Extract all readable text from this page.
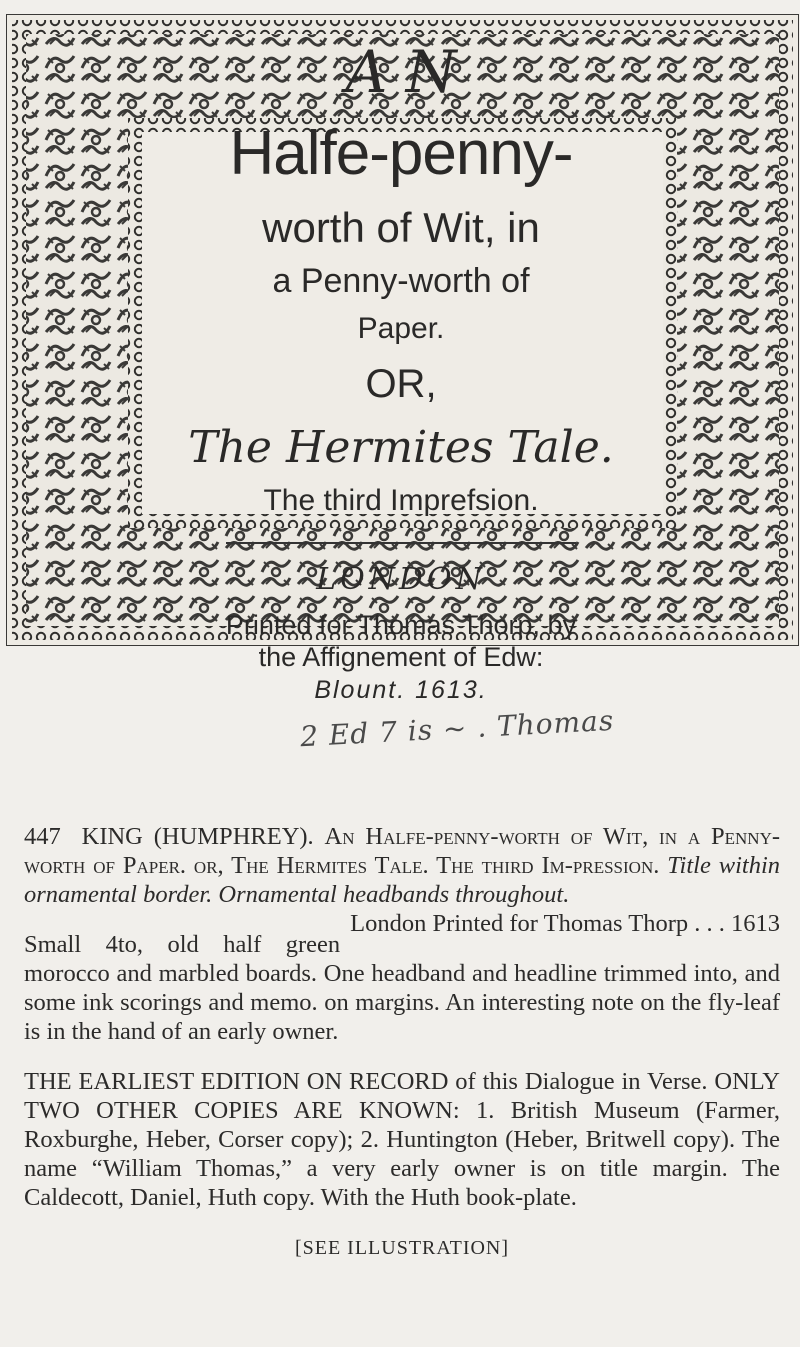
A N
Halfe-penny-
worth of Wit, in
a Penny-worth of
Paper.
OR,
The Hermites Tale.
The third Imprefsion.
LONDON
Printed for Thomas Thorp, by
the Affignement of Edw:
Blount. 1613.
2 Ed 7 is ~ . Thomas

447 KING (HUMPHREY). An Halfe-penny-worth of Wit, in a Penny-worth of Paper. or, The Hermites Tale. The third Im-pression. Title within ornamental border. Ornamental headbands throughout.
London Printed for Thomas Thorp . . . 1613

Small 4to, old half green morocco and marbled boards. One headband and headline trimmed into, and some ink scorings and memo. on margins. An interesting note on the fly-leaf is in the hand of an early owner.

THE EARLIEST EDITION ON RECORD of this Dialogue in Verse. ONLY TWO OTHER COPIES ARE KNOWN: 1. British Museum (Farmer, Roxburghe, Heber, Corser copy); 2. Huntington (Heber, Britwell copy). The name “William Thomas,” a very early owner is on title margin. The Caldecott, Daniel, Huth copy. With the Huth book-plate.

[SEE ILLUSTRATION]
